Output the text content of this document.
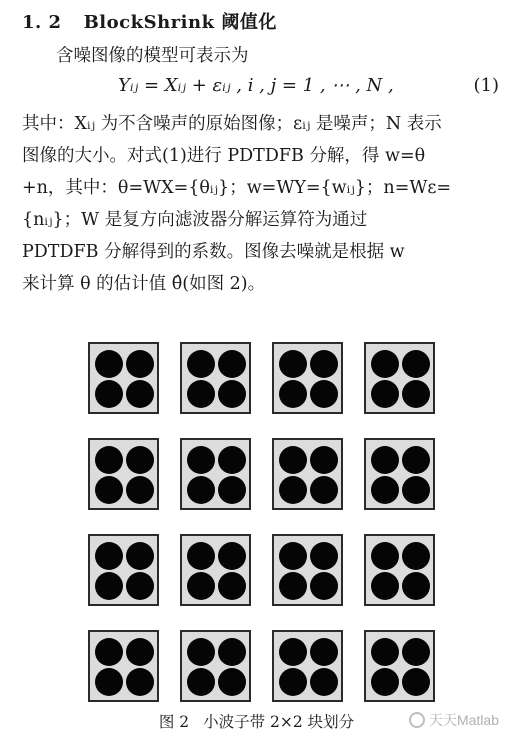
1. 2 BlockShrink 阈值化
含噪图像的模型可表示为
Yᵢⱼ = Xᵢⱼ + εᵢⱼ , i , j = 1 , ⋯ , N ,	(1)
其中：Xᵢⱼ 为不含噪声的原始图像；εᵢⱼ 是噪声；N 表示
图像的大小。对式(1)进行 PDTDFB 分解，得 w=θ
+n，其中：θ=WX={θᵢⱼ}；w=WY={wᵢⱼ}；n=Wε=
{nᵢⱼ}；W 是复方向滤波器分解运算符为通过
PDTDFB 分解得到的系数。图像去噪就是根据 w
来计算 θ 的估计值 θ̂(如图 2)。
图 2 小波子带 2×2 块划分	天天Matlab
